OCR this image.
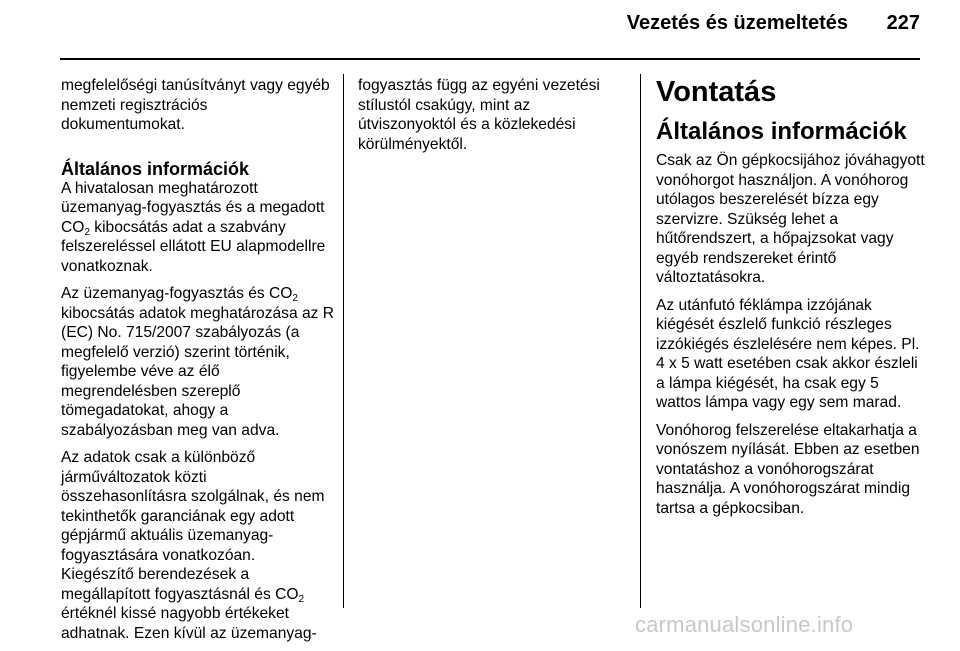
Vezetés és üzemeltetés 227

megfelelőségi tanúsítványt vagy egyéb nemzeti regisztrációs dokumentumokat.

Általános információk

A hivatalosan meghatározott üzemanyag-fogyasztás és a megadott $CO_2$ kibocsátás adat a szabvány felszereléssel ellátott EU alapmodellre vonatkoznak.

Az üzemanyag-fogyasztás és $CO_2$ kibocsátás adatok meghatározása az R (EC) No. 715/2007 szabályozás (a megfelelő verzió) szerint történik, figyelembe véve az élő megrendelésben szereplő tömegadatokat, ahogy a szabályozásban meg van adva.

Az adatok csak a különböző járműváltozatok közti összehasonlításra szolgálnak, és nem tekinthetők garanciának egy adott gépjármű aktuális üzemanyag-fogyasztására vonatkozóan.

Kiegészítő berendezések a megállapított fogyasztásnál és $CO_2$ értéknél kissé nagyobb értékeket adhatnak. Ezen kívül az üzemanyag-

fogyasztás függ az egyéni vezetési stílustól csakúgy, mint az útviszonyoktól és a közlekedési körülményektől.

Vontatás
Általános információk

Csak az Ön gépkocsijához jóváhagyott vonóhorgot használjon. A vonóhorog utólagos beszerelését bízza egy szervizre. Szükség lehet a hűtőrendszert, a hőpajzsokat vagy egyéb rendszereket érintő változtatásokra.

Az utánfutó féklámpa izzójának kiégését észlelő funkció részleges izzókiégés észlelésére nem képes. Pl. 4 x 5 watt esetében csak akkor észleli a lámpa kiégését, ha csak egy 5 wattos lámpa vagy egy sem marad.

Vonóhorog felszerelése eltakarhatja a vonószem nyílását. Ebben az esetben vontatáshoz a vonóhorogszárat használja. A vonóhorogszárat mindig tartsa a gépkocsiban.

carmanualsonline.info
